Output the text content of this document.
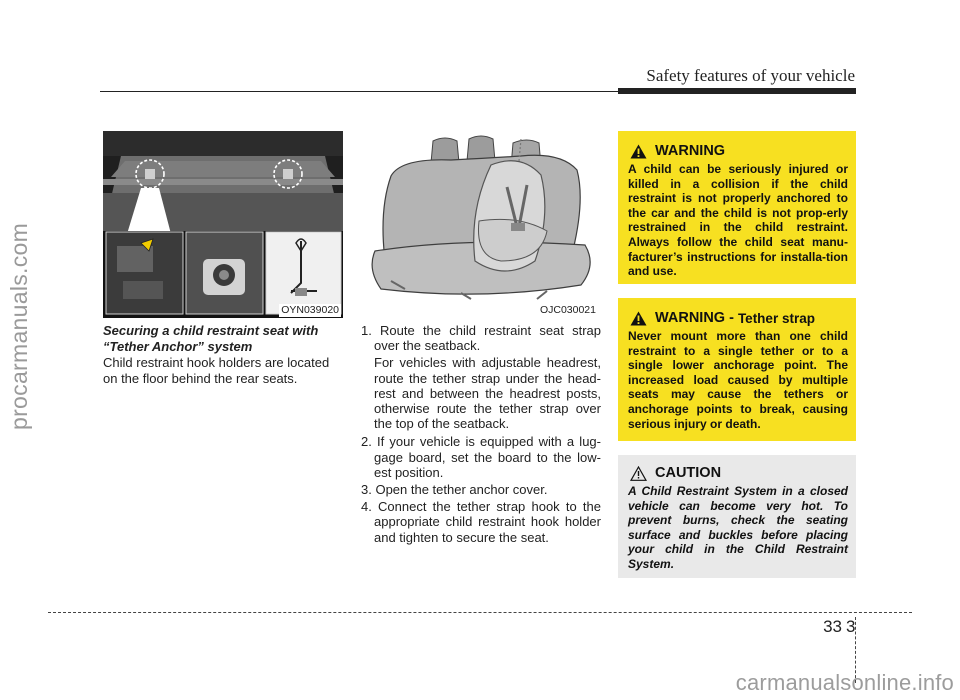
Safety features of your vehicle
procarmanuals.com
carmanualsonline.info
OYN039020	OJC030021
Securing a child restraint seat with “Tether Anchor” system
Child restraint hook holders are located on the floor behind the rear seats.
1. Route the child restraint seat strap over the seatback.
For vehicles with adjustable headrest, route the tether strap under the head-rest and between the headrest posts, otherwise route the tether strap over the top of the seatback.
2. If your vehicle is equipped with a lug-gage board, set the board to the low-est position.
3. Open the tether anchor cover.
4. Connect the tether strap hook to the appropriate child restraint hook holder and tighten to secure the seat.
WARNING
A child can be seriously injured or killed in a collision if the child restraint is not properly anchored to the car and the child is not prop-erly restrained in the child restraint. Always follow the child seat manu-facturer’s instructions for installa-tion and use.
WARNING - Tether strap
Never mount more than one child restraint to a single tether or to a single lower anchorage point. The increased load caused by multiple seats may cause the tethers or anchorage points to break, causing serious injury or death.
CAUTION
A Child Restraint System in a closed vehicle can become very hot. To prevent burns, check the seating surface and buckles before placing your child in the Child Restraint System.
3
33
